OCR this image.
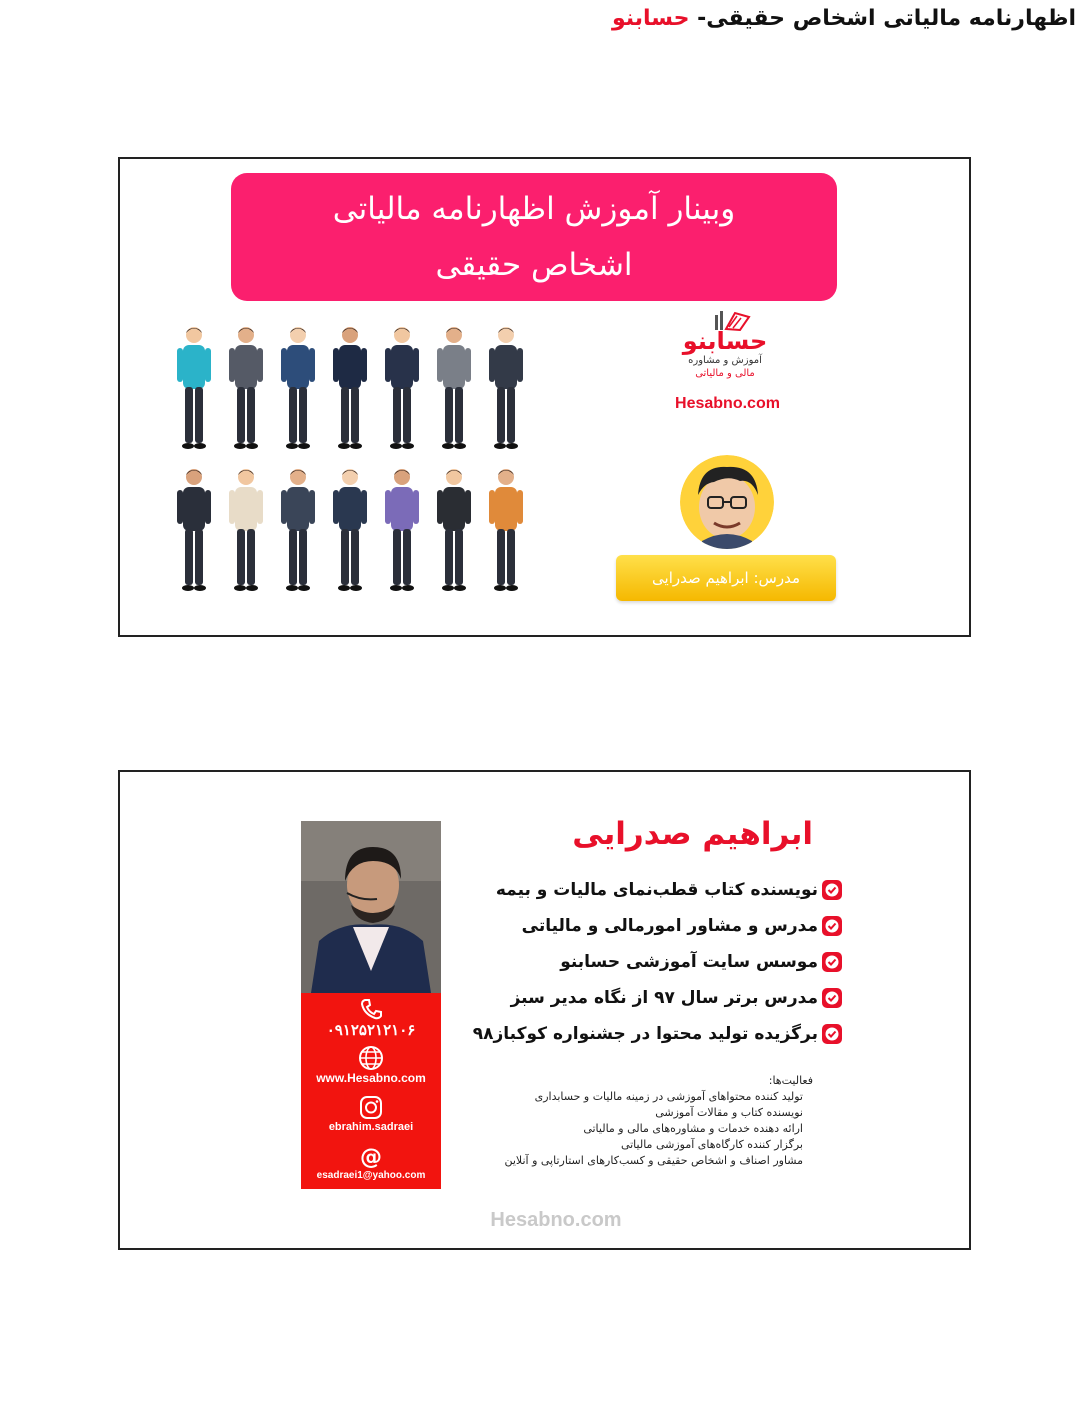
اظهارنامه مالیاتی اشخاص حقیقی- حسابنو
وبینار آموزش اظهارنامه مالیاتی
اشخاص حقیقی
حسابنو
آموزش و مشاوره
مالی و مالیاتی
Hesabno.com
مدرس: ابراهیم صدرایی
۰۹۱۲۵۲۱۲۱۰۶
www.Hesabno.com
ebrahim.sadraei
@
esadraei1@yahoo.com
ابراهیم صدرایی
نویسنده کتاب قطب‌نمای مالیات و بیمه
مدرس و مشاور امورمالی و مالیاتی
موسس سایت آموزشی حسابنو
مدرس برتر سال ۹۷ از نگاه مدیر سبز
برگزیده تولید محتوا در جشنواره کوکباز۹۸
فعالیت‌ها:
تولید کننده محتواهای آموزشی در زمینه مالیات و حسابداری
نویسنده کتاب و مقالات آموزشی
ارائه دهنده خدمات و مشاوره‌های مالی و مالیاتی
برگزار کننده کارگاه‌های آموزشی مالیاتی
مشاور اصناف و اشخاص حقیقی و کسب‌کارهای استارتاپی و آنلاین
Hesabno.com
